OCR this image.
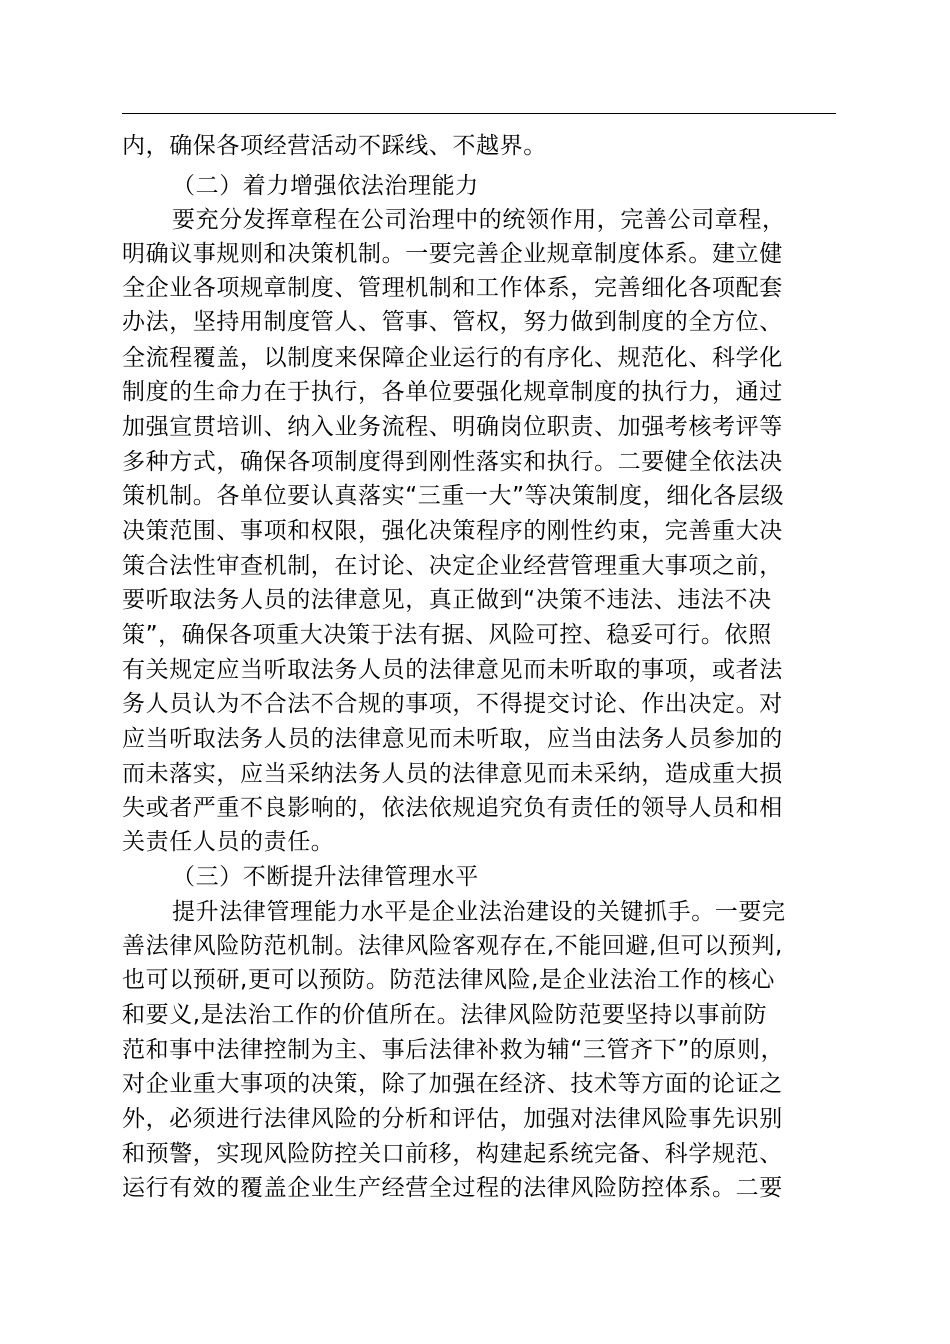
内，确保各项经营活动不踩线、不越界。
（二）着力增强依法治理能力
要充分发挥章程在公司治理中的统领作用，完善公司章程，
明确议事规则和决策机制。一要完善企业规章制度体系。建立健
全企业各项规章制度、管理机制和工作体系，完善细化各项配套
办法，坚持用制度管人、管事、管权，努力做到制度的全方位、
全流程覆盖，以制度来保障企业运行的有序化、规范化、科学化
制度的生命力在于执行，各单位要强化规章制度的执行力，通过
加强宣贯培训、纳入业务流程、明确岗位职责、加强考核考评等
多种方式，确保各项制度得到刚性落实和执行。二要健全依法决
策机制。各单位要认真落实“三重一大”等决策制度，细化各层级
决策范围、事项和权限，强化决策程序的刚性约束，完善重大决
策合法性审查机制，在讨论、决定企业经营管理重大事项之前，
要听取法务人员的法律意见，真正做到“决策不违法、违法不决
策”，确保各项重大决策于法有据、风险可控、稳妥可行。依照
有关规定应当听取法务人员的法律意见而未听取的事项，或者法
务人员认为不合法不合规的事项，不得提交讨论、作出决定。对
应当听取法务人员的法律意见而未听取，应当由法务人员参加的
而未落实，应当采纳法务人员的法律意见而未采纳，造成重大损
失或者严重不良影响的，依法依规追究负有责任的领导人员和相
关责任人员的责任。
（三）不断提升法律管理水平
提升法律管理能力水平是企业法治建设的关键抓手。一要完
善法律风险防范机制。法律风险客观存在,不能回避,但可以预判,
也可以预研,更可以预防。防范法律风险,是企业法治工作的核心
和要义,是法治工作的价值所在。法律风险防范要坚持以事前防
范和事中法律控制为主、事后法律补救为辅“三管齐下”的原则，
对企业重大事项的决策，除了加强在经济、技术等方面的论证之
外，必须进行法律风险的分析和评估，加强对法律风险事先识别
和预警，实现风险防控关口前移，构建起系统完备、科学规范、
运行有效的覆盖企业生产经营全过程的法律风险防控体系。二要
